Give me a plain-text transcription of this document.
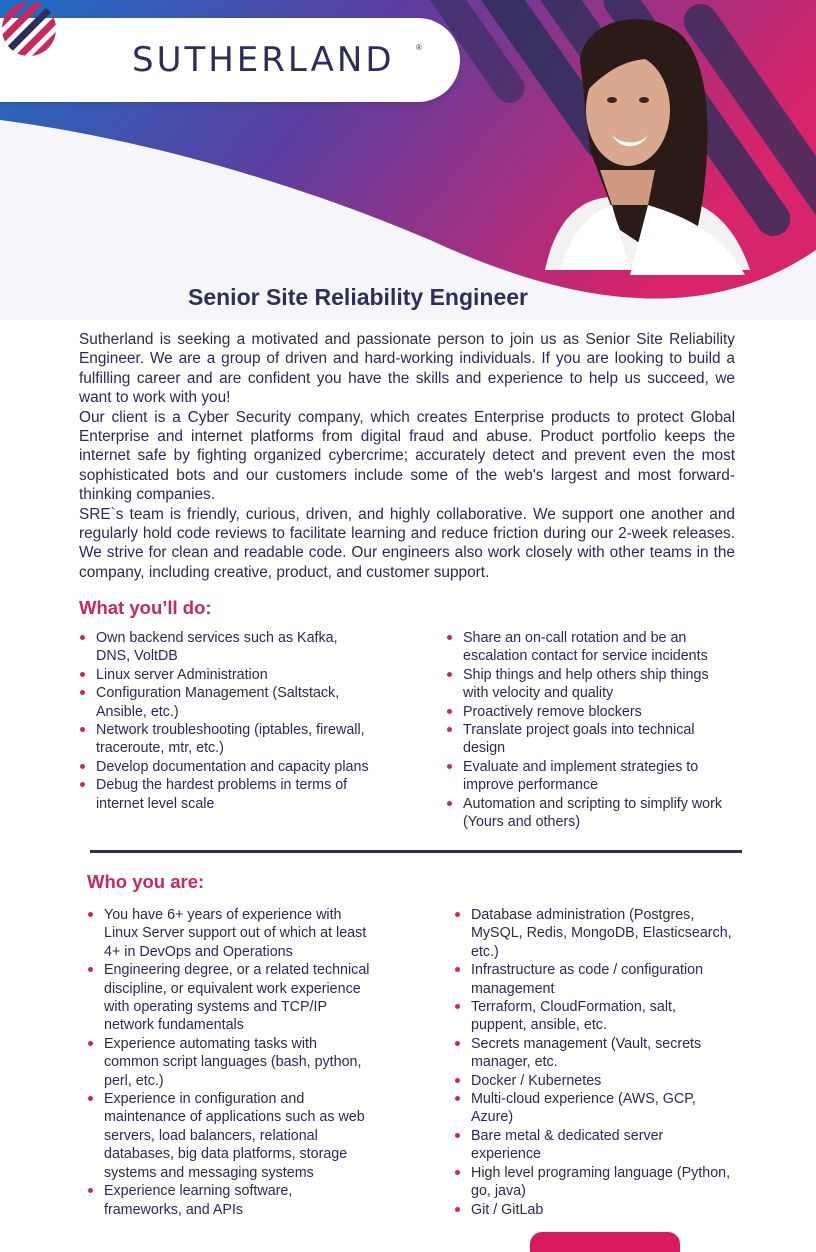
SUTHERLAND	®
Senior Site Reliability Engineer

Sutherland is seeking a motivated and passionate person to join us as Senior Site Reliability Engineer. We are a group of driven and hard-working individuals. If you are looking to build a fulfilling career and are confident you have the skills and experience to help us succeed, we want to work with you!

Our client is a Cyber Security company, which creates Enterprise products to protect Global Enterprise and internet platforms from digital fraud and abuse. Product portfolio keeps the internet safe by fighting organized cybercrime; accurately detect and prevent even the most sophisticated bots and our customers include some of the web's largest and most forward-thinking companies.

SRE`s team is friendly, curious, driven, and highly collaborative. We support one another and regularly hold code reviews to facilitate learning and reduce friction during our 2-week releases. We strive for clean and readable code. Our engineers also work closely with other teams in the company, including creative, product, and customer support.

What you’ll do:
Own backend services such as Kafka, DNS, VoltDB
Linux server Administration
Configuration Management (Saltstack, Ansible, etc.)
Network troubleshooting (iptables, firewall, traceroute, mtr, etc.)
Develop documentation and capacity plans
Debug the hardest problems in terms of internet level scale
Share an on-call rotation and be an escalation contact for service incidents
Ship things and help others ship things with velocity and quality
Proactively remove blockers
Translate project goals into technical design
Evaluate and implement strategies to improve performance
Automation and scripting to simplify work (Yours and others)
Who you are:
You have 6+ years of experience with Linux Server support out of which at least 4+ in DevOps and Operations
Engineering degree, or a related technical discipline, or equivalent work experience with operating systems and TCP/IP network fundamentals
Experience automating tasks with common script languages (bash, python, perl, etc.)
Experience in configuration and maintenance of applications such as web servers, load balancers, relational databases, big data platforms, storage systems and messaging systems
Experience learning software, frameworks, and APIs
Database administration (Postgres, MySQL, Redis, MongoDB, Elasticsearch, etc.)
Infrastructure as code / configuration management
Terraform, CloudFormation, salt, puppent, ansible, etc.
Secrets management (Vault, secrets manager, etc.
Docker / Kubernetes
Multi-cloud experience (AWS, GCP, Azure)
Bare metal & dedicated server experience
High level programing language (Python, go, java)
Git / GitLab
